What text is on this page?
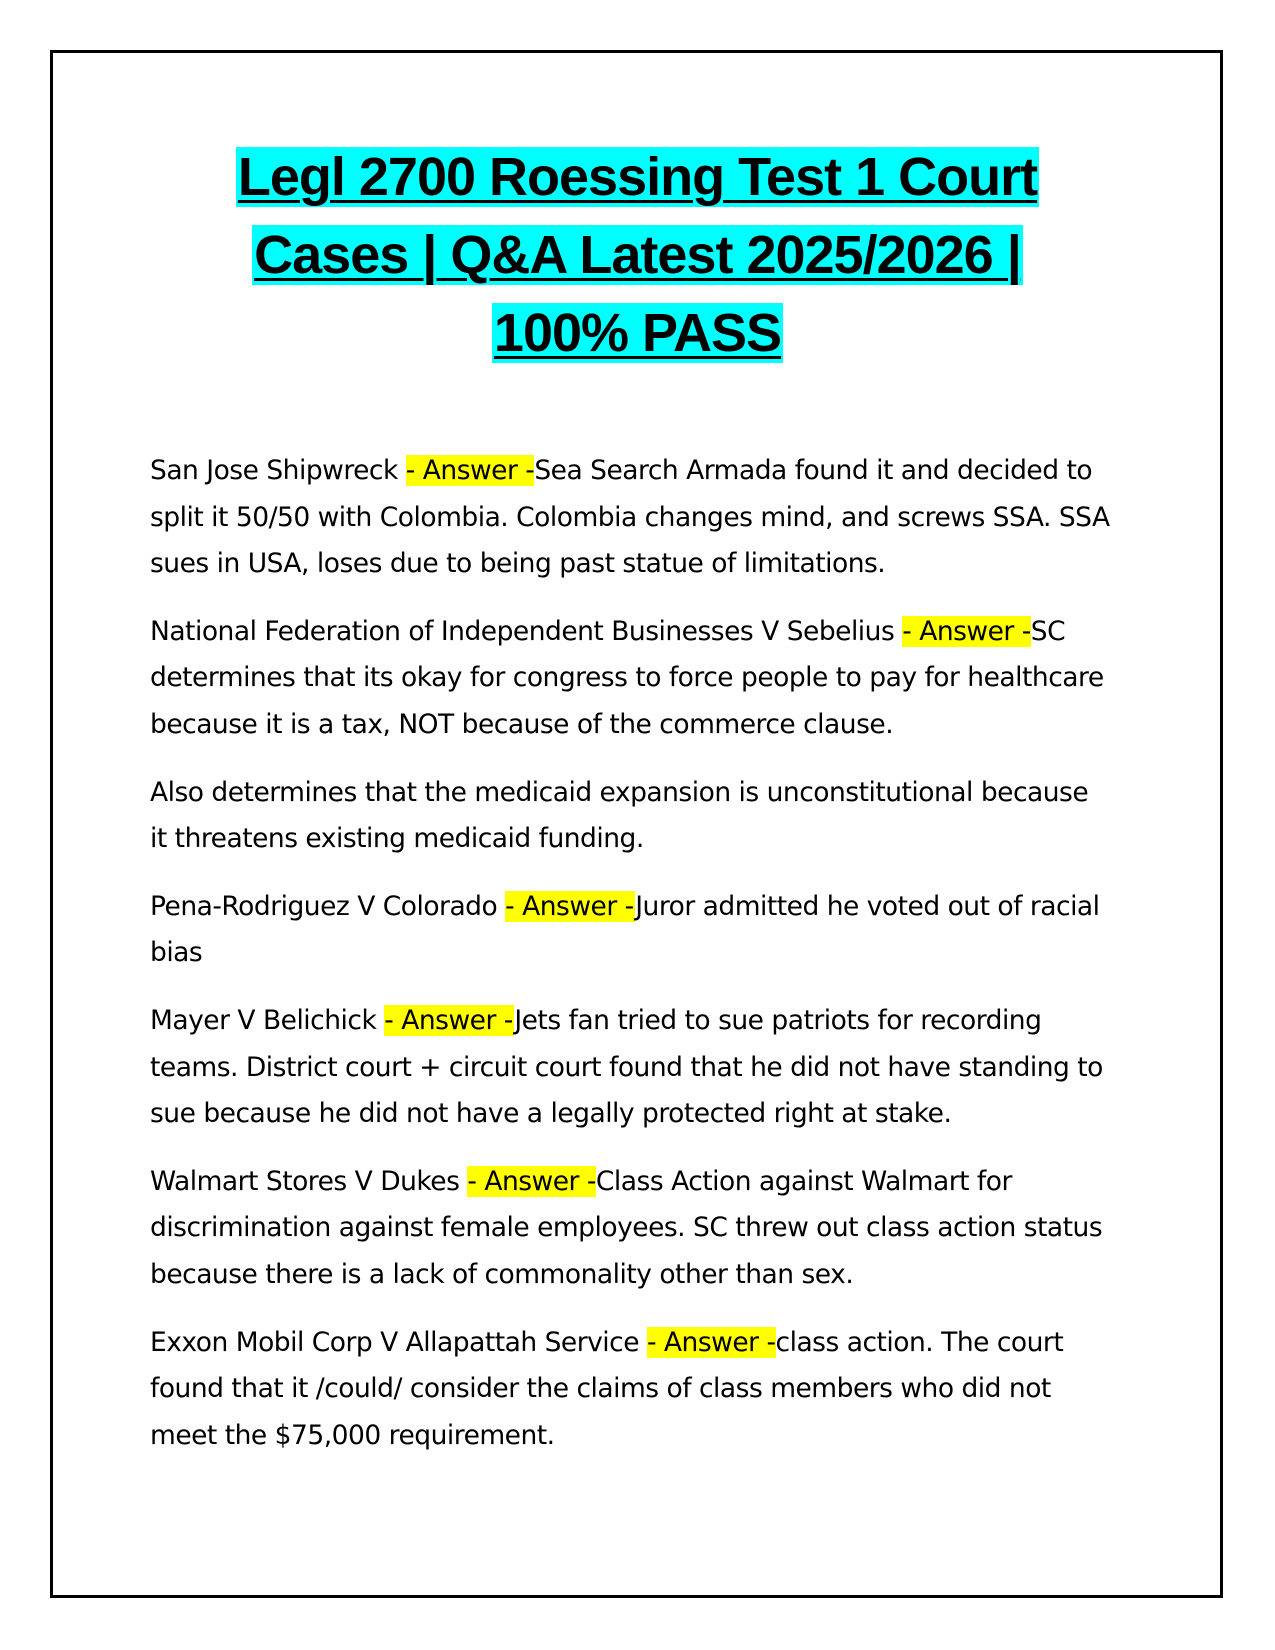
Legl 2700 Roessing Test 1 Court
Cases | Q&A Latest 2025/2026 |
100% PASS

San Jose Shipwreck - Answer -Sea Search Armada found it and decided to split it 50/50 with Colombia. Colombia changes mind, and screws SSA. SSA sues in USA, loses due to being past statue of limitations.

National Federation of Independent Businesses V Sebelius - Answer -SC determines that its okay for congress to force people to pay for healthcare because it is a tax, NOT because of the commerce clause.

Also determines that the medicaid expansion is unconstitutional because it threatens existing medicaid funding.

Pena-Rodriguez V Colorado - Answer -Juror admitted he voted out of racial bias

Mayer V Belichick - Answer -Jets fan tried to sue patriots for recording teams. District court + circuit court found that he did not have standing to sue because he did not have a legally protected right at stake.

Walmart Stores V Dukes - Answer -Class Action against Walmart for discrimination against female employees. SC threw out class action status because there is a lack of commonality other than sex.

Exxon Mobil Corp V Allapattah Service - Answer -class action. The court found that it /could/ consider the claims of class members who did not meet the $75,000 requirement.
